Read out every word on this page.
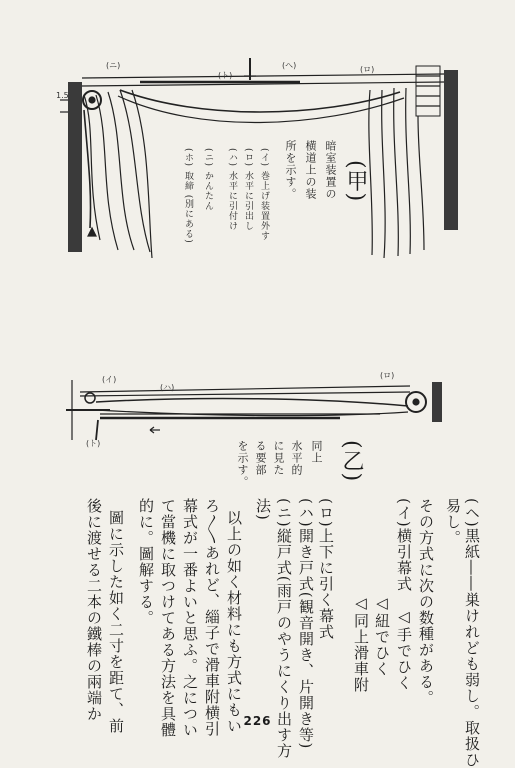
1.5
(ニ)
(ト)
(ヘ)	(ロ)
(甲)
暗室装置の
横道上の装
所を示す。
(イ) 巻上げ装置外す
(ロ) 水平に引出し
(ハ) 水平に引付け
(ニ) かんたん
(ホ) 取締 (別にある)
(イ)
(ハ)
(ロ)
(ト)	(乙)
同上
水平的
に見た
る要部
を示す。
(ヘ)黒紙――巣けれども弱し。取扱ひ
易し。
その方式に次の数種がある。
(イ)横引幕式　◁手でひく
　　　　　　◁紐でひく
　　　　　　◁同上滑車附
(ロ)上下に引く幕式
(ハ)開き戸式(観音開き、片開き等)
(ニ)縦戸式(雨戸のやうにくり出す方
法)
以上の如く材料にも方式にもい
ろ〳〵あれど、緇子で滑車附横引
幕式が一番よいと思ふ。之につい
て當機に取つけてある方法を具體
的に。圖解する。
圖に示した如く二寸を距て、前
後に渡せる二本の鐵棒の兩端か	226
